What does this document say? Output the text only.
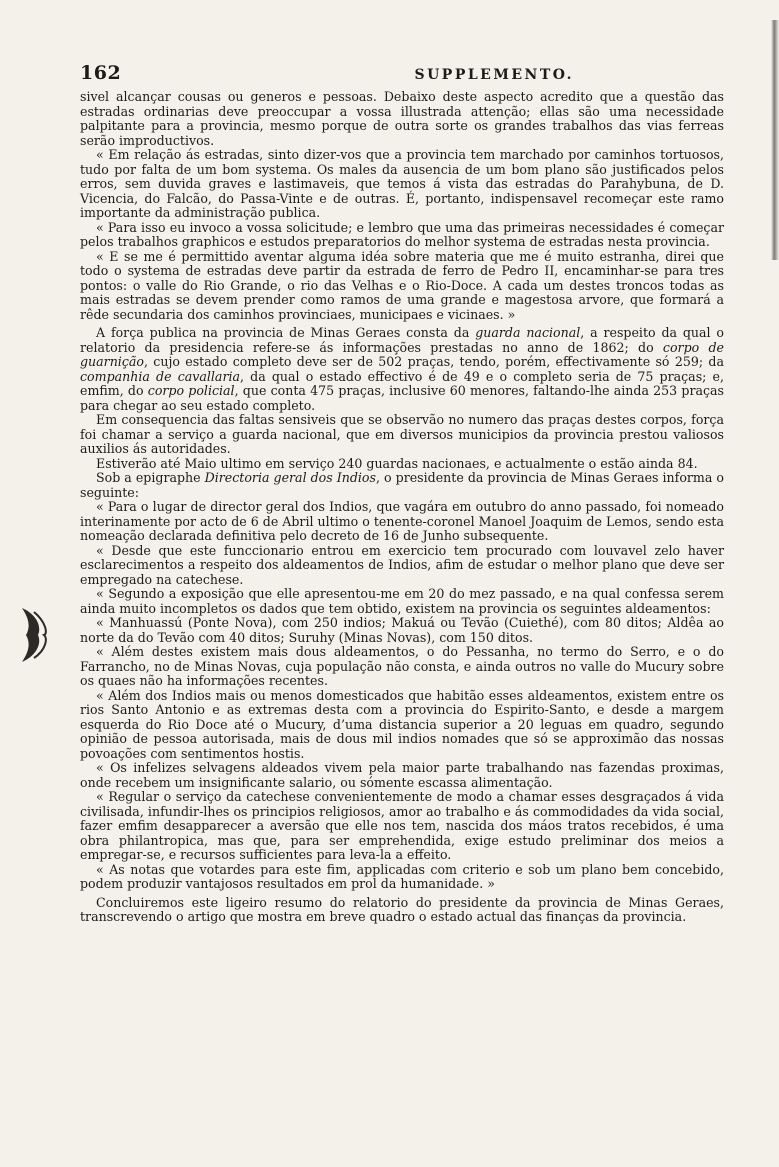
162	SUPPLEMENTO.

sivel alcançar cousas ou generos e pessoas. Debaixo deste aspecto acredito que a questão das estradas ordinarias deve preoccupar a vossa illustrada attenção; ellas são uma necessidade palpitante para a provincia, mesmo porque de outra sorte os grandes trabalhos das vias ferreas serão improductivos.

« Em relação ás estradas, sinto dizer-vos que a provincia tem marchado por caminhos tortuosos, tudo por falta de um bom systema. Os males da ausencia de um bom plano são justificados pelos erros, sem duvida graves e lastimaveis, que temos á vista das estradas do Parahybuna, de D. Vicencia, do Falcão, do Passa-Vinte e de outras. É, portanto, indispensavel recomeçar este ramo importante da administração publica.

« Para isso eu invoco a vossa solicitude; e lembro que uma das primeiras necessidades é começar pelos trabalhos graphicos e estudos preparatorios do melhor systema de estradas nesta provincia.

« E se me é permittido aventar alguma idéa sobre materia que me é muito estranha, direi que todo o systema de estradas deve partir da estrada de ferro de Pedro II, encaminhar-se para tres pontos: o valle do Rio Grande, o rio das Velhas e o Rio-Doce. A cada um destes troncos todas as mais estradas se devem prender como ramos de uma grande e magestosa arvore, que formará a rêde secundaria dos caminhos provinciaes, municipaes e vicinaes. »

A força publica na provincia de Minas Geraes consta da guarda nacional, a respeito da qual o relatorio da presidencia refere-se ás informações prestadas no anno de 1862; do corpo de guarnição, cujo estado completo deve ser de 502 praças, tendo, porém, effectivamente só 259; da companhia de cavallaria, da qual o estado effectivo é de 49 e o completo seria de 75 praças; e, emfim, do corpo policial, que conta 475 praças, inclusive 60 menores, faltando-lhe ainda 253 praças para chegar ao seu estado completo.

Em consequencia das faltas sensiveis que se observão no numero das praças destes corpos, força foi chamar a serviço a guarda nacional, que em diversos municipios da provincia prestou valiosos auxilios ás autoridades.

Estiverão até Maio ultimo em serviço 240 guardas nacionaes, e actualmente o estão ainda 84.

Sob a epigraphe Directoria geral dos Indios, o presidente da provincia de Minas Geraes informa o seguinte:

« Para o lugar de director geral dos Indios, que vagára em outubro do anno passado, foi nomeado interinamente por acto de 6 de Abril ultimo o tenente-coronel Manoel Joaquim de Lemos, sendo esta nomeação declarada definitiva pelo decreto de 16 de Junho subsequente.

« Desde que este funccionario entrou em exercicio tem procurado com louvavel zelo haver esclarecimentos a respeito dos aldeamentos de Indios, afim de estudar o melhor plano que deve ser empregado na catechese.

« Segundo a exposição que elle apresentou-me em 20 do mez passado, e na qual confessa serem ainda muito incompletos os dados que tem obtido, existem na provincia os seguintes aldeamentos:

« Manhuassú (Ponte Nova), com 250 indios; Makuá ou Tevão (Cuiethé), com 80 ditos; Aldêa ao norte da do Tevão com 40 ditos; Suruhy (Minas Novas), com 150 ditos.

« Além destes existem mais dous aldeamentos, o do Pessanha, no termo do Serro, e o do Farrancho, no de Minas Novas, cuja população não consta, e ainda outros no valle do Mucury sobre os quaes não ha informações recentes.

« Além dos Indios mais ou menos domesticados que habitão esses aldeamentos, existem entre os rios Santo Antonio e as extremas desta com a provincia do Espirito-Santo, e desde a margem esquerda do Rio Doce até o Mucury, d’uma distancia superior a 20 leguas em quadro, segundo opinião de pessoa autorisada, mais de dous mil indios nomades que só se approximão das nossas povoações com sentimentos hostis.

« Os infelizes selvagens aldeados vivem pela maior parte trabalhando nas fazendas proximas, onde recebem um insignificante salario, ou sómente escassa alimentação.

« Regular o serviço da catechese convenientemente de modo a chamar esses desgraçados á vida civilisada, infundir-lhes os principios religiosos, amor ao trabalho e ás commodidades da vida social, fazer emfim desapparecer a aversão que elle nos tem, nascida dos máos tratos recebidos, é uma obra philantropica, mas que, para ser emprehendida, exige estudo preliminar dos meios a empregar-se, e recursos sufficientes para leva-la a effeito.

« As notas que votardes para este fim, applicadas com criterio e sob um plano bem concebido, podem produzir vantajosos resultados em prol da humanidade. »

Concluiremos este ligeiro resumo do relatorio do presidente da provincia de Minas Geraes, transcrevendo o artigo que mostra em breve quadro o estado actual das finanças da provincia.
